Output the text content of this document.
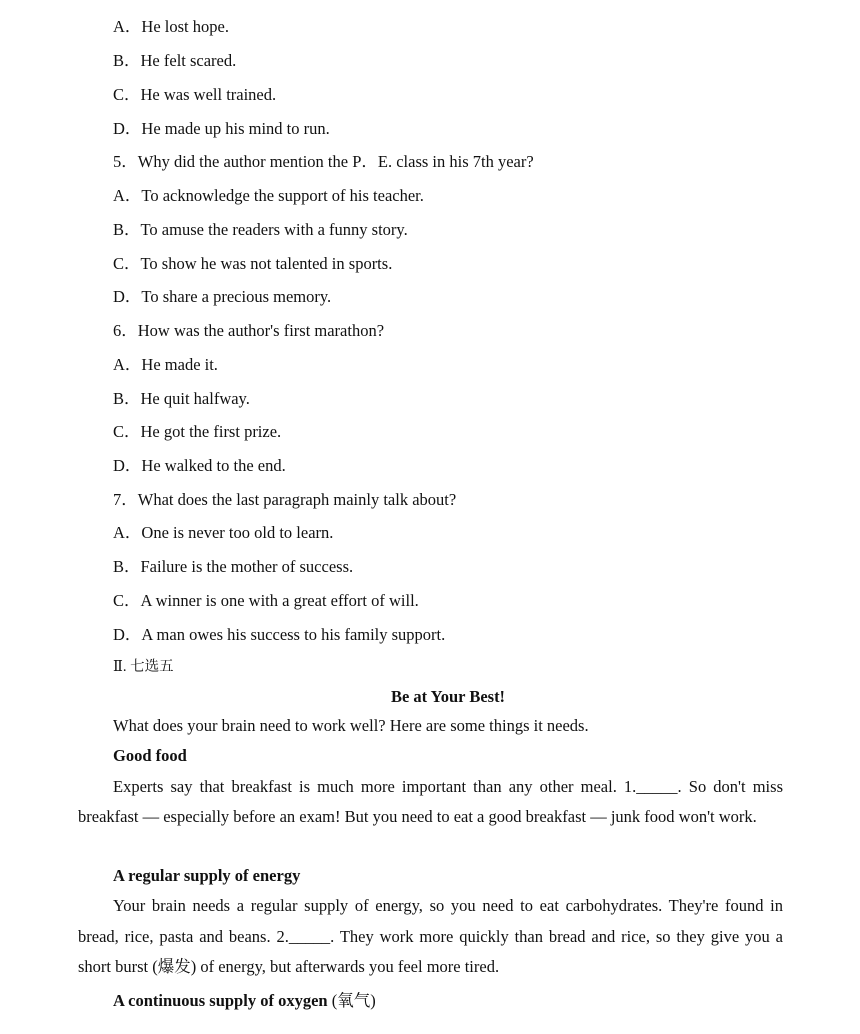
A．He lost hope.
B．He felt scared.
C．He was well trained.
D．He made up his mind to run.
5．Why did the author mention the P．E. class in his 7th year?
A．To acknowledge the support of his teacher.
B．To amuse the readers with a funny story.
C．To show he was not talented in sports.
D．To share a precious memory.
6．How was the author's first marathon?
A．He made it.
B．He quit halfway.
C．He got the first prize.
D．He walked to the end.
7．What does the last paragraph mainly talk about?
A．One is never too old to learn.
B．Failure is the mother of success.
C．A winner is one with a great effort of will.
D．A man owes his success to his family support.
Ⅱ. 七选五
Be at Your Best!
What does your brain need to work well? Here are some things it needs.
Good food
Experts say that breakfast is much more important than any other meal. 1._____. So don't miss breakfast — especially before an exam! But you need to eat a good breakfast — junk food won't work.
A regular supply of energy
Your brain needs a regular supply of energy, so you need to eat carbohydrates. They're found in bread, rice, pasta and beans. 2._____. They work more quickly than bread and rice, so they give you a short burst (爆发) of energy, but afterwards you feel more tired.
A continuous supply of oxygen (氧气)
